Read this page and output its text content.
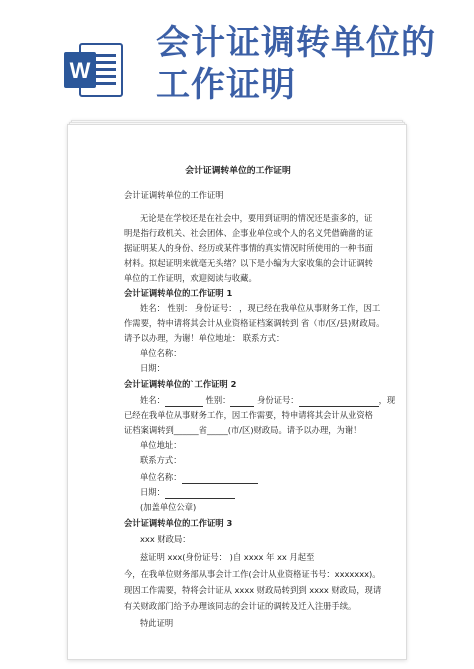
W
会计证调转单位的
工作证明
会计证调转单位的工作证明
会计证调转单位的工作证明
无论是在学校还是在社会中，要用到证明的情况还是蛮多的，证
明是指行政机关、社会团体、企事业单位或个人的名义凭借确凿的证
据证明某人的身份、经历或某件事情的真实情况时所使用的一种书面
材料。拟起证明来就毫无头绪？以下是小编为大家收集的会计证调转
单位的工作证明，欢迎阅读与收藏。
会计证调转单位的工作证明 1
姓名： 性别： 身份证号： ，现已经在我单位从事财务工作，因工
作需要，特申请将其会计从业资格证档案调转到 省（市/区/县)财政局。
请予以办理，为谢！单位地址： 联系方式：
单位名称：
日期：
会计证调转单位的`工作证明 2
姓名：	性别：	身份证号：	，现
已经在我单位从事财务工作，因工作需要，特申请将其会计从业资格
证档案调转到______省_____(市/区)财政局。请予以办理，为谢！
单位地址：
联系方式：
单位名称：
日期：
(加盖单位公章)
会计证调转单位的工作证明 3
xxx 财政局：
兹证明 xxx(身份证号： )自 xxxx 年 xx 月起至
今，在我单位财务部从事会计工作(会计从业资格证书号：xxxxxxx)。
现因工作需要，特将会计证从 xxxx 财政局转到到 xxxx 财政局，现请
有关财政部门给予办理该同志的会计证的调转及迁入注册手续。
特此证明
